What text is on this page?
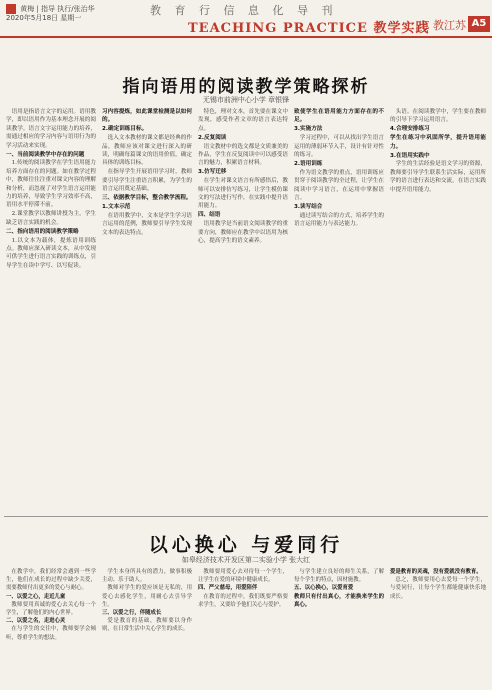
黄梅 | 指导 执行/张治华
2020年5月18日 星期一
教 育 行 信 息 化 导 刊
TEACHING PRACTICE 教学实践
E 教江苏 A5
指向语用的阅读教学策略探析
无锡市前洲中心小学 章银锋

语用是指语言文字的运用。语用教学，即以语用作为基本理念开展的阅读教学。语言文字运用能力的培养，需通过相应的学习内容与语用行为的学习活动来实现。

一、当前阅读教学中存在的问题

1.传统的阅读教学在学生语用能力培养方面存在的问题。如在教学过程中，教师往往注重对课文内容的理解和分析，而忽视了对学生语言运用能力的培养，导致学生学习效率不高，语用水平停滞不前。

2.课堂教学以教师讲授为主，学生缺乏语言实践的机会。

二、指向语用的阅读教学策略

1.以文本为载体，提炼语用训练点。教师应深入研读文本，从中发现可供学生进行语言实践的训练点，引导学生在读中学写、以写促读。

习内容提炼，如此课堂检测是以如何的。

2.确定训练目标。

选入文本教材的课文都是经典的作品，教师应该对课文进行深入的研读，明确每篇课文的语用价值，确定具体的训练目标。

在指导学生开展语用学习时，教师要引导学生注重语言积累，为学生的语言运用奠定基础。

三、依据教学目标，整合教学流程。

1.文本示范

在语用教学中，文本是学生学习语言运用的范例，教师要引导学生发现文本的表达特点。

特色，理对文本，首先要在课文中发现，感受作者文章的语言表达特点。

2.反复阅读

语文教材中的选文都是文质兼美的作品，学生在反复阅读中可以感受语言的魅力，积累语言材料。

3.仿写迁移

在学生对课文语言有所感悟后，教师可以安排仿写练习，让学生模仿课文的写法进行写作，在实践中提升语用能力。

四、结语

语用教学是当前语文阅读教学的重要方向，教师应在教学中以语用为核心，提高学生的语文素养。

致使学生在语用能力方面存在的不足。

3.实施方法

学习过程中，可以从找出学生语言运用的薄弱环节入手，设计有针对性的练习。

2.语用训练

作为语文教学的重点，语用训练应贯穿于阅读教学的全过程，让学生在阅读中学习语言，在运用中掌握语言。

3.读写结合

通过读写结合的方式，培养学生的语言运用能力与表达能力。

头语。在阅读教学中，学生要在教师的引导下学习运用语言。

4.合理安排练习

学生在练习中巩固所学，提升语用能力。

3.在语用实践中

学生的生活经验是语文学习的资源，教师要引导学生联系生活实际，运用所学的语言进行表达和交流，在语言实践中提升语用能力。

以心换心 与爱同行
如皋经济技术开发区第二实验小学 张大红

在教学中，我们经常会遇到一些学生，他们在成长的过程中缺少关爱，需要教师付出更多的爱心与耐心。

一、以爱之心，走近儿童

教师要用真诚的爱心去关心每一个学生，了解他们的内心世界。

二、以爱之名，走进心灵

在与学生的交往中，教师要学会倾听，尊重学生的想法。

学生本身所具有的潜力，做事积极主动、乐于助人。

教师对学生的爱应该是无私的，用爱心去感化学生，用耐心去引导学生。

三、以爱之行，伴随成长

爱是教育的基础，教师要以身作则，在日常生活中关心学生的成长。

教师要用爱心去对待每一个学生，让学生在爱的环境中健康成长。

四、严父慈母，用爱陪伴

在教育的过程中，我们既要严格要求学生，又要给予他们关心与爱护。

与学生建立良好的师生关系，了解每个学生的特点，因材施教。

五、以心换心，以爱育爱

教师只有付出真心，才能换来学生的真心。

爱是教育的灵魂，没有爱就没有教育。

总之，教师要用心去爱每一个学生，与爱同行，让每个学生都能健康快乐地成长。
